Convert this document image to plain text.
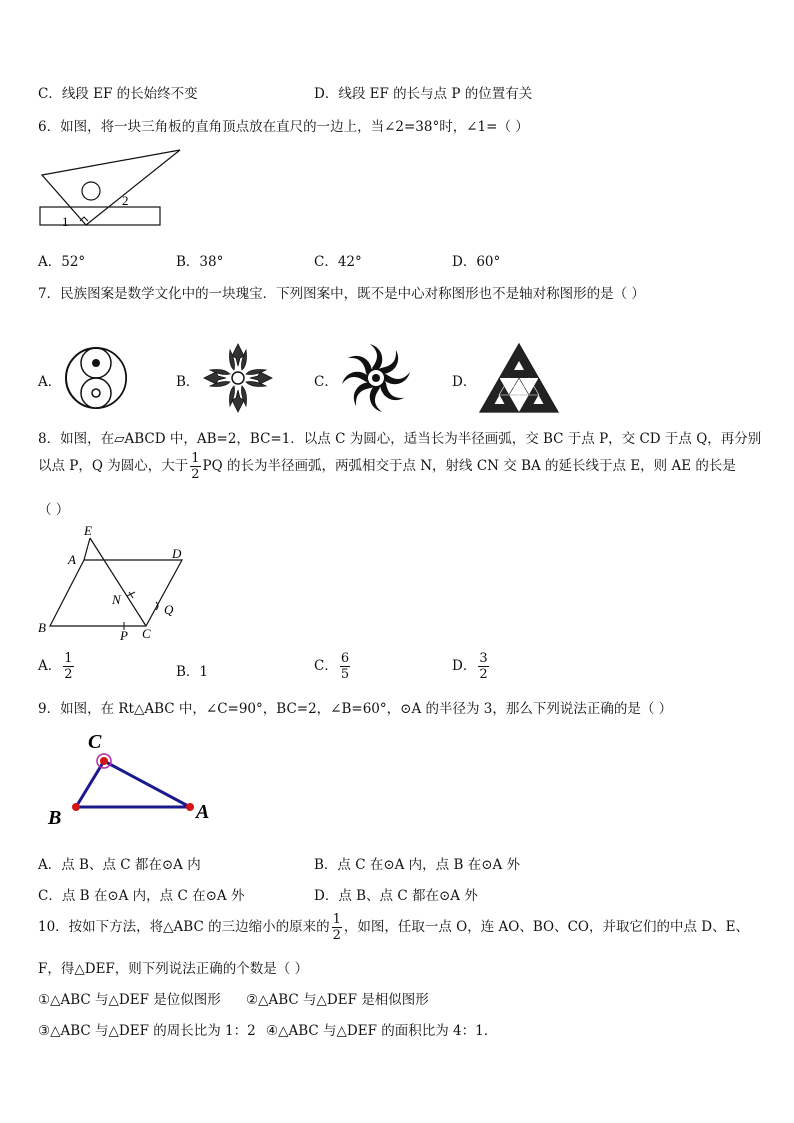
C．线段 EF 的长始终不变	D．线段 EF 的长与点 P 的位置有关
6．如图，将一块三角板的直角顶点放在直尺的一边上，当∠2=38°时，∠1=（ ）
1
2
A．52°	B．38°	C．42°	D．60°
7．民族图案是数学文化中的一块瑰宝．下列图案中，既不是中心对称图形也不是轴对称图形的是（ ）
A．	B．	C．	D．
8．如图，在▱ABCD 中，AB=2，BC=1．以点 C 为圆心，适当长为半径画弧，交 BC 于点 P，交 CD 于点 Q，再分别
以点 P，Q 为圆心，大于 $\frac{1}{2}$ PQ 的长为半径画弧，两弧相交于点 N，射线 CN 交 BA 的延长线于点 E，则 AE 的长是
（ ）
E
A	D
N
Q
B
P C
A． $\frac{1}{2}$	B．1	C． $\frac{6}{5}$	D． $\frac{3}{2}$
9．如图，在 Rt△ABC 中，∠C=90°，BC=2，∠B=60°，⊙A 的半径为 3，那么下列说法正确的是（ ）
C
B	A
A．点 B、点 C 都在⊙A 内	B．点 C 在⊙A 内，点 B 在⊙A 外
C．点 B 在⊙A 内，点 C 在⊙A 外	D．点 B、点 C 都在⊙A 外
10．按如下方法，将△ABC 的三边缩小的原来的 $\frac{1}{2}$ ，如图，任取一点 O，连 AO、BO、CO，并取它们的中点 D、E、
F，得△DEF，则下列说法正确的个数是（ ）
①△ABC 与△DEF 是位似图形 ②△ABC 与△DEF 是相似图形
③△ABC 与△DEF 的周长比为 1：2 ④△ABC 与△DEF 的面积比为 4：1．
